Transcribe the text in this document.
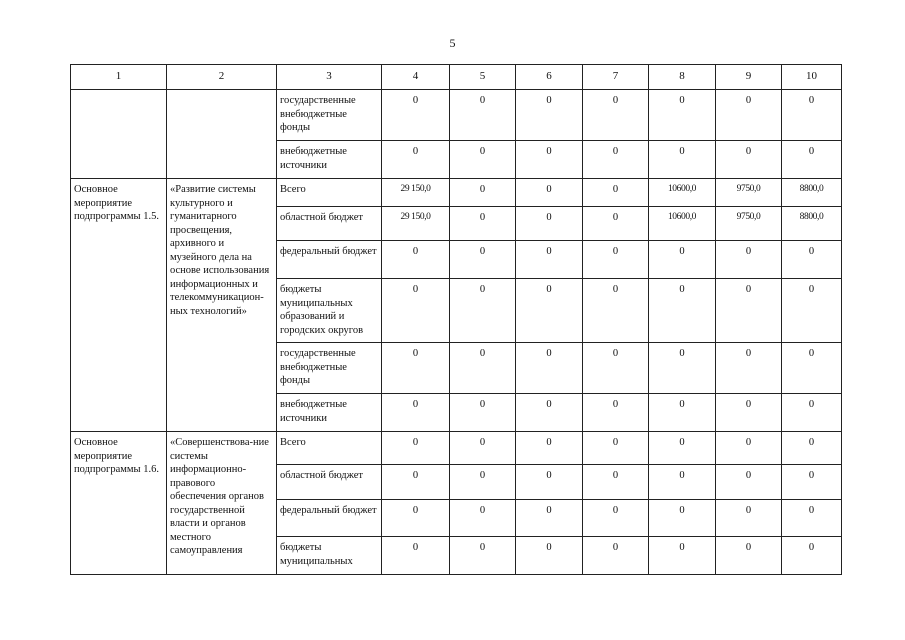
5
1	2	3	4	5	6	7	8	9	10
		государственные внебюджетные фонды	0	0	0	0	0	0	0
		внебюджетные источники	0	0	0	0	0	0	0
Основное мероприятие подпрограммы 1.5.	«Развитие системы культурного и гуманитарного просвещения, архивного и музейного дела на основе использования информационных и телекоммуникацион-ных технологий»	Всего	29 150,0	0	0	0	10600,0	9750,0	8800,0
		областной бюджет	29 150,0	0	0	0	10600,0	9750,0	8800,0
		федеральный бюджет	0	0	0	0	0	0	0
		бюджеты муниципальных образований и городских округов	0	0	0	0	0	0	0
		государственные внебюджетные фонды	0	0	0	0	0	0	0
		внебюджетные источники	0	0	0	0	0	0	0
Основное мероприятие подпрограммы 1.6.	«Совершенствова-ние системы информационно-правового обеспечения органов государственной власти и органов местного самоуправления	Всего	0	0	0	0	0	0	0
		областной бюджет	0	0	0	0	0	0	0
		федеральный бюджет	0	0	0	0	0	0	0
		бюджеты муниципальных	0	0	0	0	0	0	0
